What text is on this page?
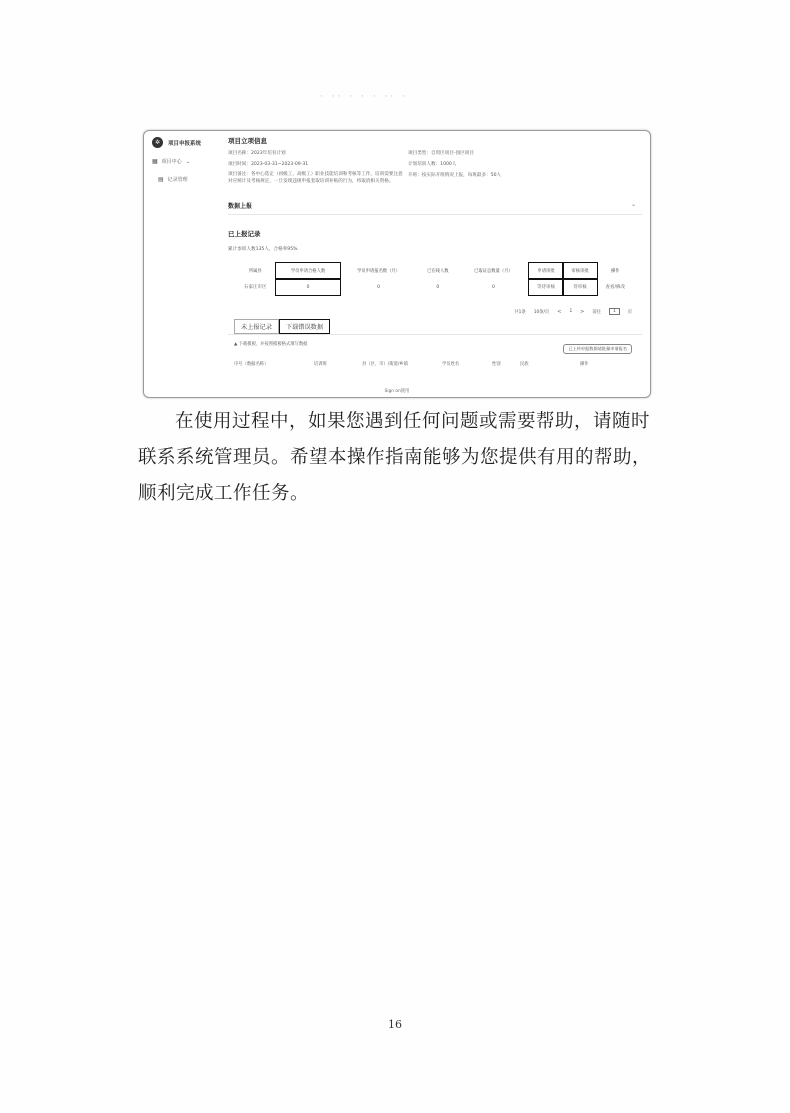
· ·· · · · ·· ·
✲	项目申报系统
▦ 项目中心 ⌄
▤ 记录管理
项目立项信息
项目名称：2023年培育计划	项目类型：自贸区项目-园区项目
项目时间：2023-03-31~2023-09-31	计划培训人数：1000人
项目备注：各中心选定（初级工、高级工）职业技能培训和考核等工作，培训需要注意对应统计及考核规定，一旦发现违规申报套取培训补贴的行为，将取消相关资格。
开班：按实际开班情况上报，每班最多：50人
数据上报	⌄
已上报记录
累计参训人数135人，合格率95%
所属县	学员申请合格人数	学员申请报名数（月）	已在线人数	已取证总数量（月）	申请审批	审核审批	操作
石家庄市区	0	0	0	0	等待审核	待审核	查看/修改
共1条 10条/页 < 1 > 前往	1	页
未上报记录	下载错误数据
▲ 下载模板，并按照模板格式填写数据
已上传申报数据请批量申请报名
序号（数据名称）	培训班	县（区、市）/街道/乡镇	学员姓名	性别	民族	操作
Sign on使用

在使用过程中，如果您遇到任何问题或需要帮助，请随时联系系统管理员。希望本操作指南能够为您提供有用的帮助，顺利完成工作任务。

16
